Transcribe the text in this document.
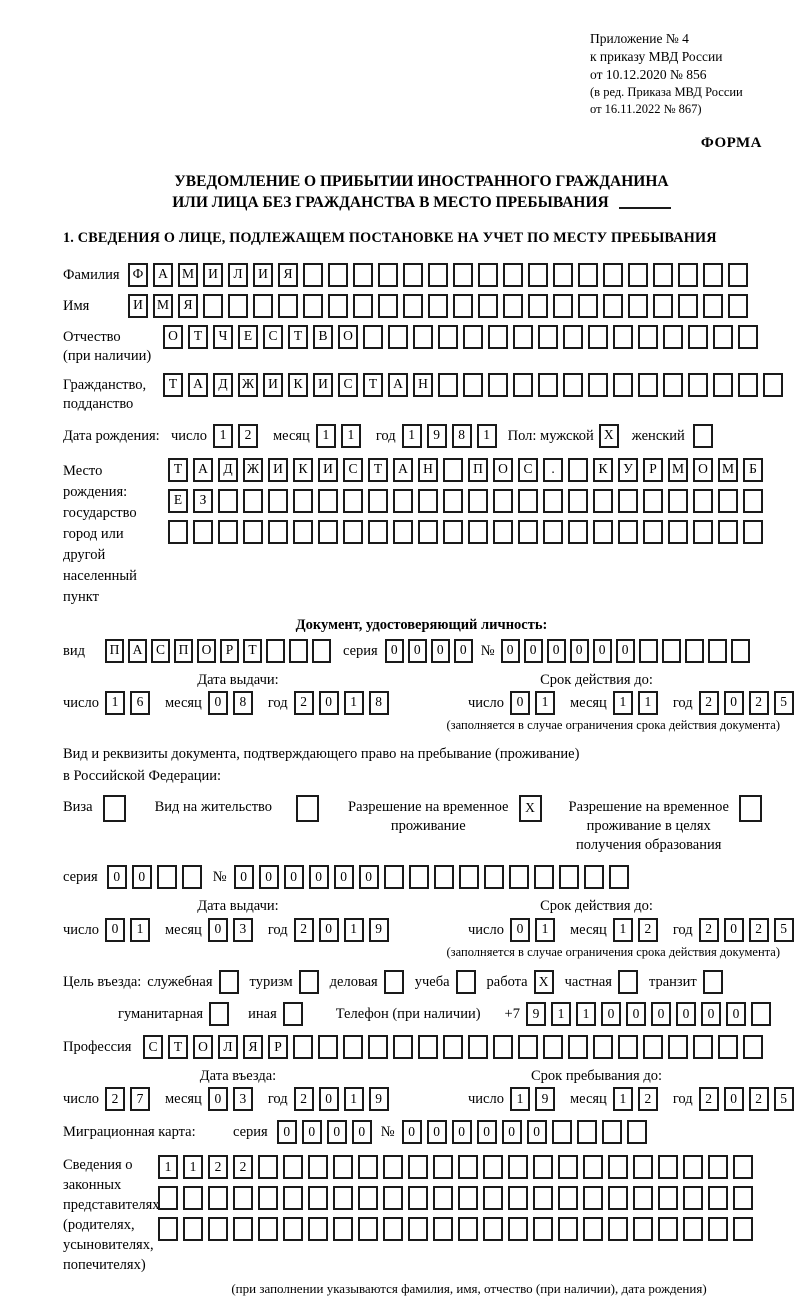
Приложение № 4
к приказу МВД России
от 10.12.2020 № 856
(в ред. Приказа МВД России
от 16.11.2022 № 867)
ФОРМА
УВЕДОМЛЕНИЕ О ПРИБЫТИИ ИНОСТРАННОГО ГРАЖДАНИНА
ИЛИ ЛИЦА БЕЗ ГРАЖДАНСТВА В МЕСТО ПРЕБЫВАНИЯ
1. СВЕДЕНИЯ О ЛИЦЕ, ПОДЛЕЖАЩЕМ ПОСТАНОВКЕ НА УЧЕТ ПО МЕСТУ ПРЕБЫВАНИЯ
Фамилия Ф	А	М	И	Л	И	Я
Имя	И	М	Я
Отчество
(при наличии)
О	Т	Ч	Е	С	Т	В	О
Гражданство,
подданство
Т	А	Д	Ж	И	К	И	С	Т	А	Н
Дата рождения: число 1	2	месяц 1	1	год 1	9	8	1	Пол: мужской X	женский
Место рождения:
государство
город или другой
населенный пункт
Т	А	Д	Ж	И	К	И	С	Т	А	Н	П	О	С	.	К	У	Р	М	О	М	Б
Е	З
Документ, удостоверяющий личность:
вид	П А	С	П О	Р	Т	серия 0	0	0	0 № 0	0	0	0	0	0
Дата выдачи:	Срок действия до:
число 1	6	месяц 0	8	год 2	0	1	8	число 0	1	месяц 1	1	год 2	0	2	5
(заполняется в случае ограничения срока действия документа)
Вид и реквизиты документа, подтверждающего право на пребывание (проживание)
в Российской Федерации:
Виза	Вид на жительство	Разрешение на временное
проживание
X	Разрешение на временное
проживание в целях
получения образования
серия	0	0	№	0	0	0	0	0	0
Дата выдачи:	Срок действия до:
число 0	1	месяц 0	3	год 2	0	1	9	число 0	1	месяц 1	2	год 2	0	2	5
(заполняется в случае ограничения срока действия документа)
Цель въезда: служебная	туризм	деловая	учеба	работа X	частная	транзит
гуманитарная	иная	Телефон (при наличии) +7 9	1	1	0	0	0	0	0	0
Профессия	С	Т	О	Л	Я	Р
Дата въезда:	Срок пребывания до:
число 2	7	месяц 0	3	год 2	0	1	9	число 1	9	месяц 1	2	год 2	0	2	5
Миграционная карта:	серия	0	0	0	0	№	0	0	0	0	0	0
Сведения о
законных
представителях
(родителях,
усыновителях,
попечителях)
1	1	2	2
(при заполнении указываются фамилия, имя, отчество (при наличии), дата рождения)
